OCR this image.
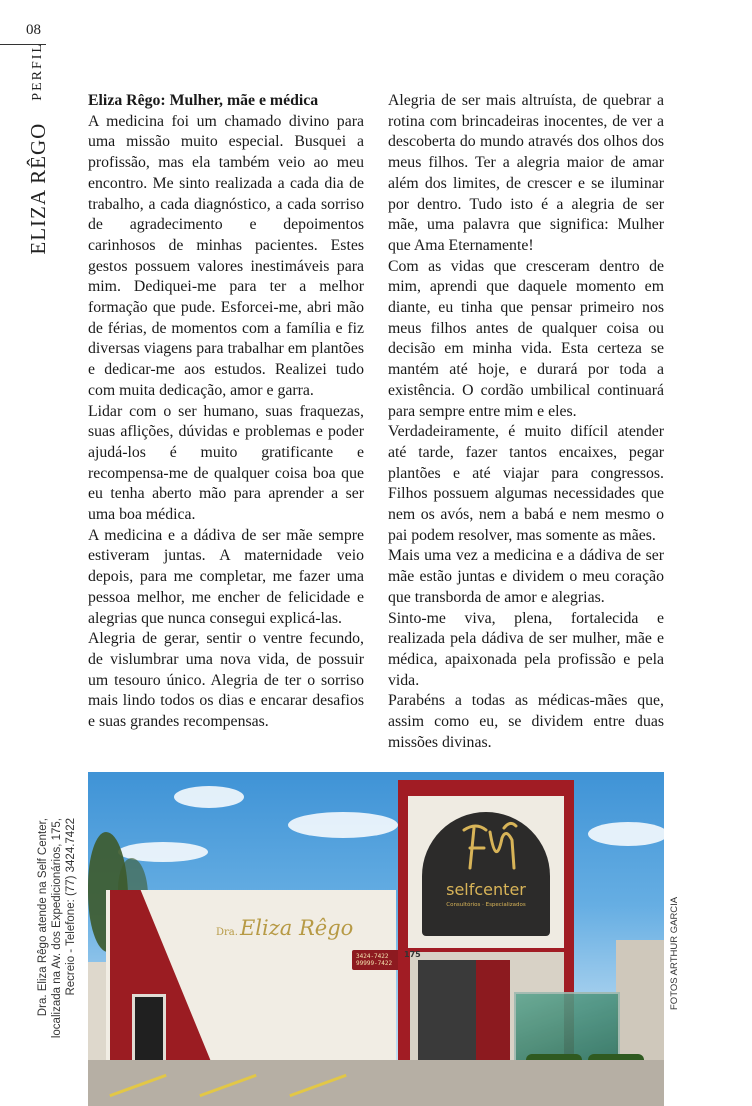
08
ELIZA RÊGO
PERFIL	Eliza Rêgo: Mulher, mãe e médica

A medicina foi um chamado divino para uma missão muito especial. Busquei a profissão, mas ela também veio ao meu encontro. Me sinto realizada a cada dia de trabalho, a cada diagnóstico, a cada sorriso de agradecimento e depoimentos carinhosos de minhas pacientes. Estes gestos possuem valores inestimáveis para mim. Dediquei-me para ter a melhor formação que pude. Esforcei-me, abri mão de férias, de momentos com a família e fiz diversas viagens para trabalhar em plantões e dedicar-me aos estudos. Realizei tudo com muita dedicação, amor e garra.

Lidar com o ser humano, suas fraquezas, suas aflições, dúvidas e problemas e poder ajudá-los é muito gratificante e recompensa-me de qualquer coisa boa que eu tenha aberto mão para aprender a ser uma boa médica.

A medicina e a dádiva de ser mãe sempre estiveram juntas. A maternidade veio depois, para me completar, me fazer uma pessoa melhor, me encher de felicidade e alegrias que nunca consegui explicá-las.

Alegria de gerar, sentir o ventre fecundo, de vislumbrar uma nova vida, de possuir um tesouro único. Alegria de ter o sorriso mais lindo todos os dias e encarar desafios e suas grandes recompensas.

Alegria de ser mais altruísta, de quebrar a rotina com brincadeiras inocentes, de ver a descoberta do mundo através dos olhos dos meus filhos. Ter a alegria maior de amar além dos limites, de crescer e se iluminar por dentro. Tudo isto é a alegria de ser mãe, uma palavra que significa: Mulher que Ama Eternamente!

Com as vidas que cresceram dentro de mim, aprendi que daquele momento em diante, eu tinha que pensar primeiro nos meus filhos antes de qualquer coisa ou decisão em minha vida. Esta certeza se mantém até hoje, e durará por toda a existência. O cordão umbilical continuará para sempre entre mim e eles.

Verdadeiramente, é muito difícil atender até tarde, fazer tantos encaixes, pegar plantões e até viajar para congressos. Filhos possuem algumas necessidades que nem os avós, nem a babá e nem mesmo o pai podem resolver, mas somente as mães.

Mais uma vez a medicina e a dádiva de ser mãe estão juntas e dividem o meu coração que transborda de amor e alegrias.

Sinto-me viva, plena, fortalecida e realizada pela dádiva de ser mulher, mãe e médica, apaixonada pela profissão e pela vida.

Parabéns a todas as médicas-mães que, assim como eu, se dividem entre duas missões divinas.

Dra. Eliza Rêgo atende na Self Center, localizada na Av. dos Expedicionários, 175, Recreio - Telefone: (77) 3424.7422	Dra.Eliza Rêgo
3424-7422
99999-7422
selfcenter
Consultórios · Especializados
175	FOTOS ARTHUR GARCIA
